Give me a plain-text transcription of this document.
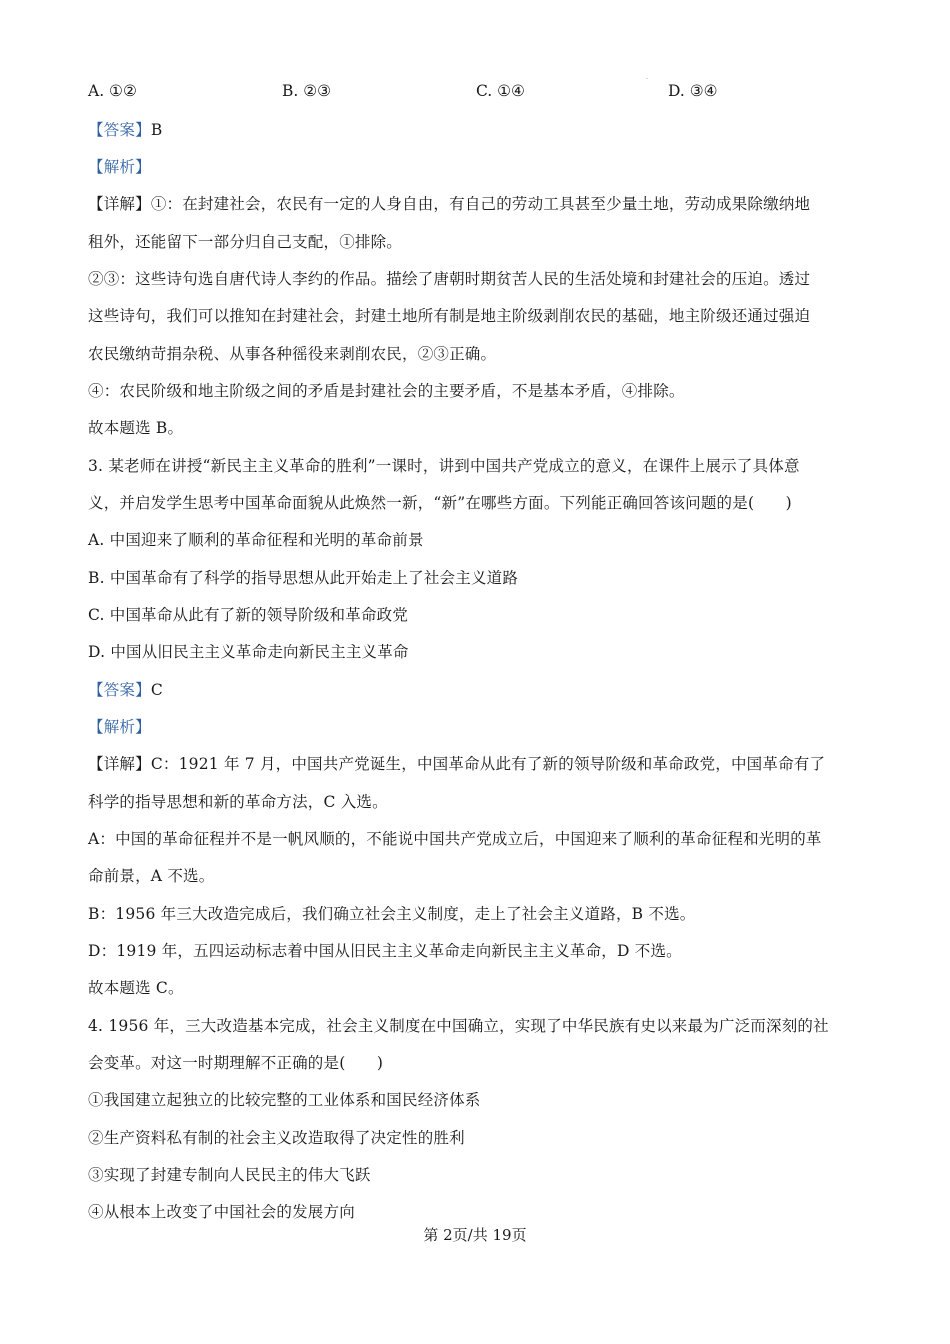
A. ①②	B. ②③	C. ①④	D. ③④
·
【答案】B
【解析】
【详解】①：在封建社会，农民有一定的人身自由，有自己的劳动工具甚至少量土地，劳动成果除缴纳地
租外，还能留下一部分归自己支配，①排除。
②③：这些诗句选自唐代诗人李约的作品。描绘了唐朝时期贫苦人民的生活处境和封建社会的压迫。透过
这些诗句，我们可以推知在封建社会，封建土地所有制是地主阶级剥削农民的基础，地主阶级还通过强迫
农民缴纳苛捐杂税、从事各种徭役来剥削农民，②③正确。
④：农民阶级和地主阶级之间的矛盾是封建社会的主要矛盾，不是基本矛盾，④排除。
故本题选 B。
3. 某老师在讲授“新民主主义革命的胜利”一课时，讲到中国共产党成立的意义，在课件上展示了具体意
义，并启发学生思考中国革命面貌从此焕然一新，“新”在哪些方面。下列能正确回答该问题的是(　　)
A. 中国迎来了顺利的革命征程和光明的革命前景
B. 中国革命有了科学的指导思想从此开始走上了社会主义道路
C. 中国革命从此有了新的领导阶级和革命政党
D. 中国从旧民主主义革命走向新民主主义革命
【答案】C
【解析】
【详解】C：1921 年 7 月，中国共产党诞生，中国革命从此有了新的领导阶级和革命政党，中国革命有了
科学的指导思想和新的革命方法，C 入选。
A：中国的革命征程并不是一帆风顺的，不能说中国共产党成立后，中国迎来了顺利的革命征程和光明的革
命前景，A 不选。
B：1956 年三大改造完成后，我们确立社会主义制度，走上了社会主义道路，B 不选。
D：1919 年，五四运动标志着中国从旧民主主义革命走向新民主主义革命，D 不选。
故本题选 C。
4. 1956 年，三大改造基本完成，社会主义制度在中国确立，实现了中华民族有史以来最为广泛而深刻的社
会变革。对这一时期理解不正确的是(　　)
①我国建立起独立的比较完整的工业体系和国民经济体系
②生产资料私有制的社会主义改造取得了决定性的胜利
③实现了封建专制向人民民主的伟大飞跃
④从根本上改变了中国社会的发展方向
第 2页/共 19页
